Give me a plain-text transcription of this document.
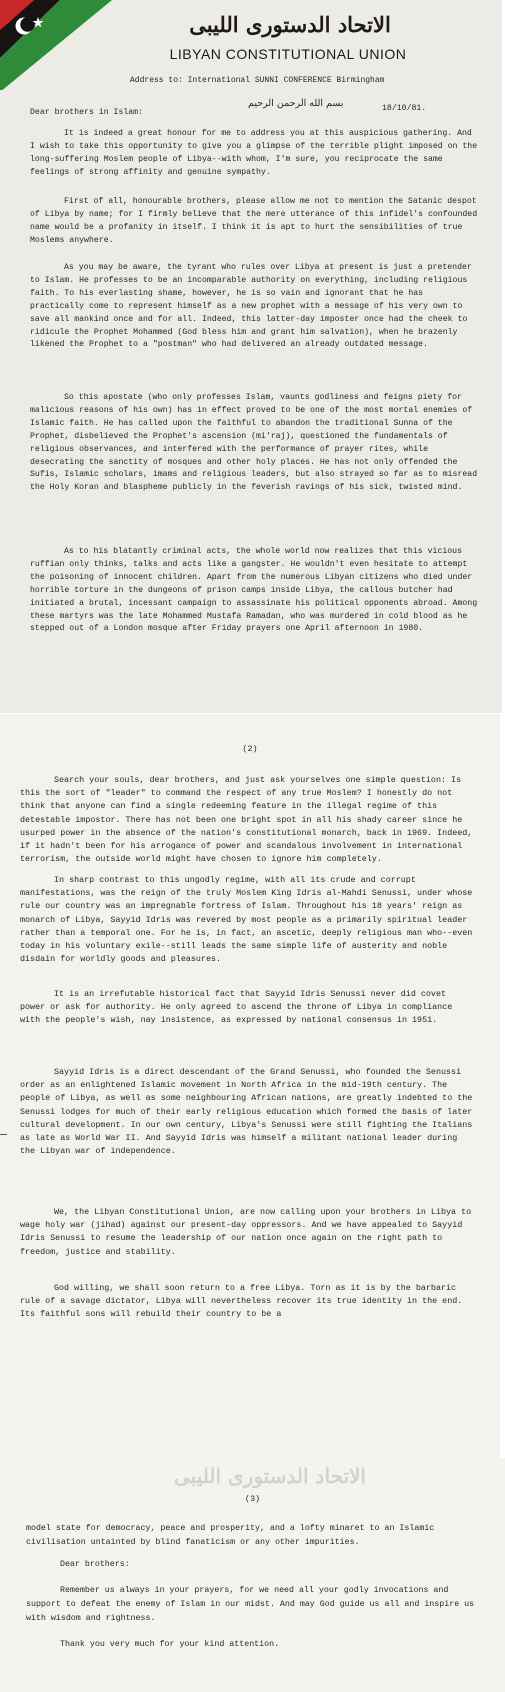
الاتحاد الدستورى الليبى
LIBYAN CONSTITUTIONAL UNION
Address to: International SUNNI CONFERENCE Birmingham
Dear brothers in Islam:
بسم الله الرحمن الرحيم	18/10/81.

It is indeed a great honour for me to address you at this auspicious gathering. And I wish to take this opportunity to give you a glimpse of the terrible plight imposed on the long-suffering Moslem people of Libya--with whom, I'm sure, you reciprocate the same feelings of strong affinity and genuine sympathy.

First of all, honourable brothers, please allow me not to mention the Satanic despot of Libya by name; for I firmly believe that the mere utterance of this infidel's confounded name would be a profanity in itself. I think it is apt to hurt the sensibilities of true Moslems anywhere.

As you may be aware, the tyrant who rules over Libya at present is just a pretender to Islam. He professes to be an incomparable authority on everything, including religious faith. To his everlasting shame, however, he is so vain and ignorant that he has practically come to represent himself as a new prophet with a message of his very own to save all mankind once and for all. Indeed, this latter-day imposter once had the cheek to ridicule the Prophet Mohammed (God bless him and grant him salvation), when he brazenly likened the Prophet to a "postman" who had delivered an already outdated message.

So this apostate (who only professes Islam, vaunts godliness and feigns piety for malicious reasons of his own) has in effect proved to be one of the most mortal enemies of Islamic faith. He has called upon the faithful to abandon the traditional Sunna of the Prophet, disbelieved the Prophet's ascension (mi'raj), questioned the fundamentals of religious observances, and interfered with the performance of prayer rites, while desecrating the sanctity of mosques and other holy places. He has not only offended the Sufis, Islamic scholars, imams and religious leaders, but also strayed so far as to misread the Holy Koran and blaspheme publicly in the feverish ravings of his sick, twisted mind.

As to his blatantly criminal acts, the whole world now realizes that this vicious ruffian only thinks, talks and acts like a gangster. He wouldn't even hesitate to attempt the poisoning of innocent children. Apart from the numerous Libyan citizens who died under horrible torture in the dungeons of prison camps inside Libya, the callous butcher had initiated a brutal, incessant campaign to assassinate his political opponents abroad. Among these martyrs was the late Mohammed Mustafa Ramadan, who was murdered in cold blood as he stepped out of a London mosque after Friday prayers one April afternoon in 1980.

(2)

Search your souls, dear brothers, and just ask yourselves one simple question: Is this the sort of "leader" to command the respect of any true Moslem? I honestly do not think that anyone can find a single redeeming feature in the illegal regime of this detestable impostor. There has not been one bright spot in all his shady career since he usurped power in the absence of the nation's constitutional monarch, back in 1969. Indeed, if it hadn't been for his arrogance of power and scandalous involvement in international terrorism, the outside world might have chosen to ignore him completely.

In sharp contrast to this ungodly regime, with all its crude and corrupt manifestations, was the reign of the truly Moslem King Idris al-Mahdi Senussi, under whose rule our country was an impregnable fortress of Islam. Throughout his 18 years' reign as monarch of Libya, Sayyid Idris was revered by most people as a primarily spiritual leader rather than a temporal one. For he is, in fact, an ascetic, deeply religious man who--even today in his voluntary exile--still leads the same simple life of austerity and noble disdain for worldly goods and pleasures.

It is an irrefutable historical fact that Sayyid Idris Senussi never did covet power or ask for authority. He only agreed to ascend the throne of Libya in compliance with the people's wish, nay insistence, as expressed by national consensus in 1951.

Sayyid Idris is a direct descendant of the Grand Senussi, who founded the Senussi order as an enlightened Islamic movement in North Africa in the mid-19th century. The people of Libya, as well as some neighbouring African nations, are greatly indebted to the Senussi lodges for much of their early religious education which formed the basis of later cultural development. In our own century, Libya's Senussi were still fighting the Italians as late as World War II. And Sayyid Idris was himself a militant national leader during the Libyan war of independence.

We, the Libyan Constitutional Union, are now calling upon your brothers in Libya to wage holy war (jihad) against our present-day oppressors. And we have appealed to Sayyid Idris Senussi to resume the leadership of our nation once again on the right path to freedom, justice and stability.

God willing, we shall soon return to a free Libya. Torn as it is by the barbaric rule of a savage dictator, Libya will nevertheless recover its true identity in the end. Its faithful sons will rebuild their country to be a

الاتحاد الدستورى الليبى
(3)

model state for democracy, peace and prosperity, and a lofty minaret to an Islamic civilisation untainted by blind fanaticism or any other impurities.

Dear brothers:

Remember us always in your prayers, for we need all your godly invocations and support to defeat the enemy of Islam in our midst. And may God guide us all and inspire us with wisdom and rightness.

Thank you very much for your kind attention.
